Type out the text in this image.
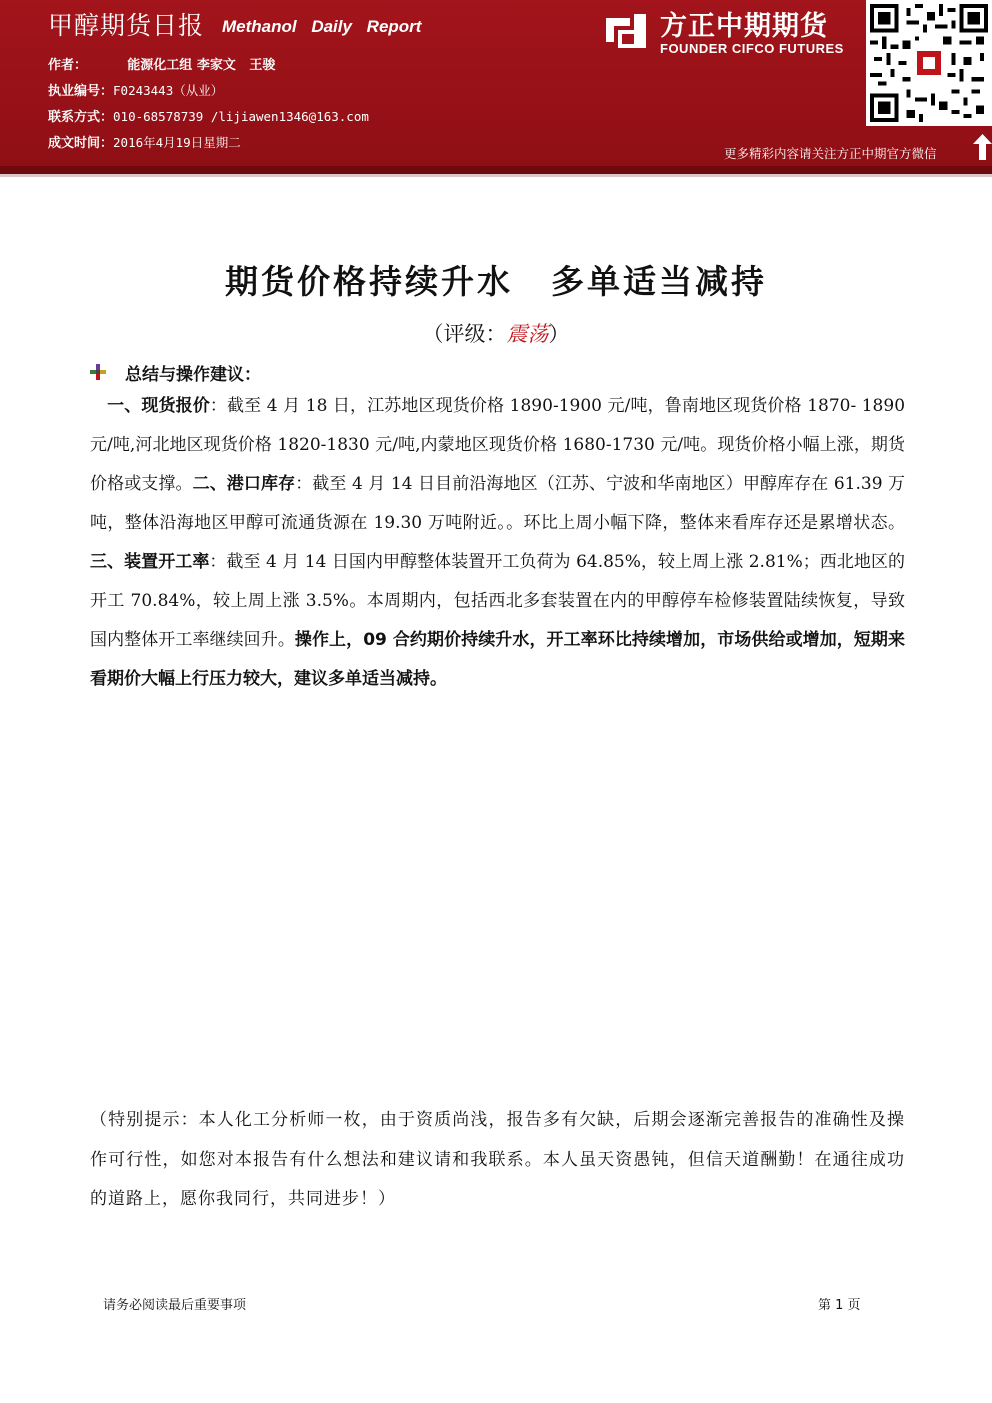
甲醇期货日报 Methanol Daily Report
作者：	能源化工组 李家文   王骏
执业编号：F0243443（从业）
联系方式：010-68578739 /lijiawen1346@163.com
成文时间：2016年4月19日星期二
方正中期期货
FOUNDER CIFCO FUTURES
更多精彩内容请关注方正中期官方微信
期货价格持续升水 多单适当减持
（评级：震荡）
总结与操作建议：
一、现货报价：截至 4 月 18 日，江苏地区现货价格 1890-1900 元/吨，鲁南地区现货价格 1870- 1890 元/吨,河北地区现货价格 1820-1830 元/吨,内蒙地区现货价格 1680-1730 元/吨。现货价格小幅上涨，期货价格或支撑。二、港口库存：截至 4 月 14 日目前沿海地区（江苏、宁波和华南地区）甲醇库存在 61.39 万吨，整体沿海地区甲醇可流通货源在 19.30 万吨附近。。环比上周小幅下降，整体来看库存还是累增状态。三、装置开工率：截至 4 月 14 日国内甲醇整体装置开工负荷为 64.85%，较上周上涨 2.81%；西北地区的开工 70.84%，较上周上涨 3.5%。本周期内，包括西北多套装置在内的甲醇停车检修装置陆续恢复，导致国内整体开工率继续回升。操作上，09 合约期价持续升水，开工率环比持续增加，市场供给或增加，短期来看期价大幅上行压力较大，建议多单适当减持。
（特别提示：本人化工分析师一枚，由于资质尚浅，报告多有欠缺，后期会逐渐完善报告的准确性及操作可行性，如您对本报告有什么想法和建议请和我联系。本人虽天资愚钝，但信天道酬勤！在通往成功的道路上，愿你我同行，共同进步！）
请务必阅读最后重要事项	第 1 页
